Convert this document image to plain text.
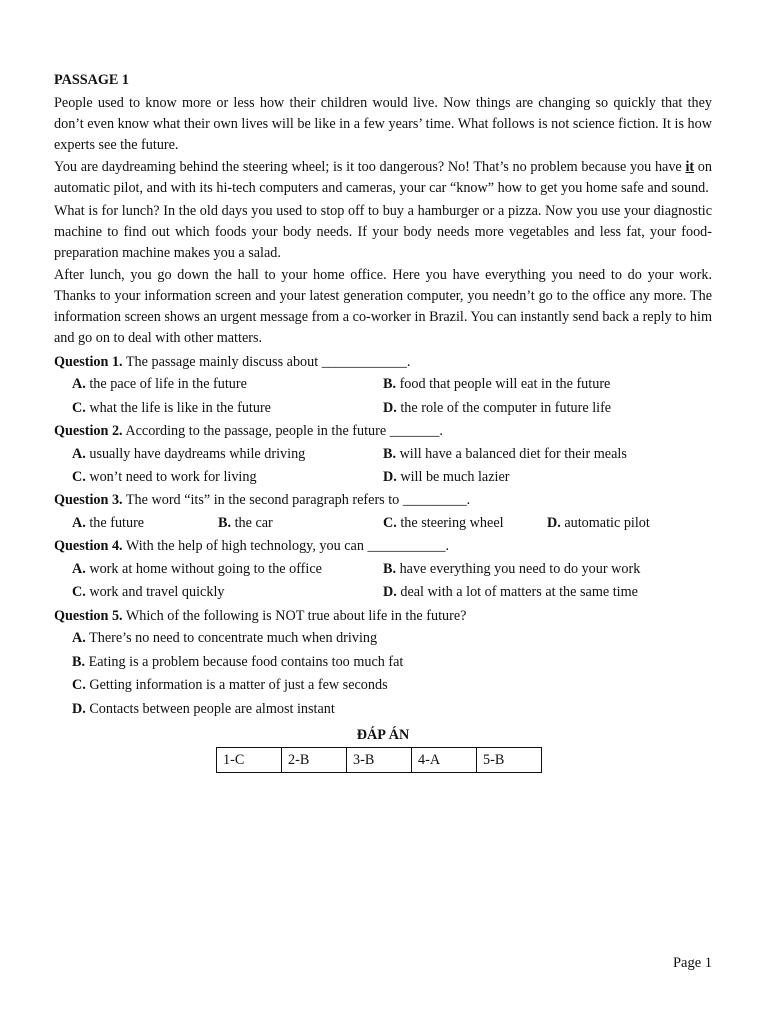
PASSAGE 1

People used to know more or less how their children would live. Now things are changing so quickly that they don’t even know what their own lives will be like in a few years’ time. What follows is not science fiction. It is how experts see the future.

You are daydreaming behind the steering wheel; is it too dangerous? No! That’s no problem because you have it on automatic pilot, and with its hi-tech computers and cameras, your car “know” how to get you home safe and sound.

What is for lunch? In the old days you used to stop off to buy a hamburger or a pizza. Now you use your diagnostic machine to find out which foods your body needs. If your body needs more vegetables and less fat, your food-preparation machine makes you a salad.

After lunch, you go down the hall to your home office. Here you have everything you need to do your work. Thanks to your information screen and your latest generation computer, you needn’t go to the office any more. The information screen shows an urgent message from a co-worker in Brazil. You can instantly send back a reply to him and go on to deal with other matters.

Question 1. The passage mainly discuss about ____________.
A. the pace of life in the future	B. food that people will eat in the future
C. what the life is like in the future	D. the role of the computer in future life
Question 2. According to the passage, people in the future _______.
A. usually have daydreams while driving	B. will have a balanced diet for their meals
C. won’t need to work for living	D. will be much lazier
Question 3. The word “its” in the second paragraph refers to _________.
A. the future	B. the car	C. the steering wheel	D. automatic pilot
Question 4. With the help of high technology, you can ___________.
A. work at home without going to the office	B. have everything you need to do your work
C. work and travel quickly	D. deal with a lot of matters at the same time
Question 5. Which of the following is NOT true about life in the future?
A. There’s no need to concentrate much when driving
B. Eating is a problem because food contains too much fat
C. Getting information is a matter of just a few seconds
D. Contacts between people are almost instant
ĐÁP ÁN
1-C	2-B	3-B	4-A	5-B
Page 1
